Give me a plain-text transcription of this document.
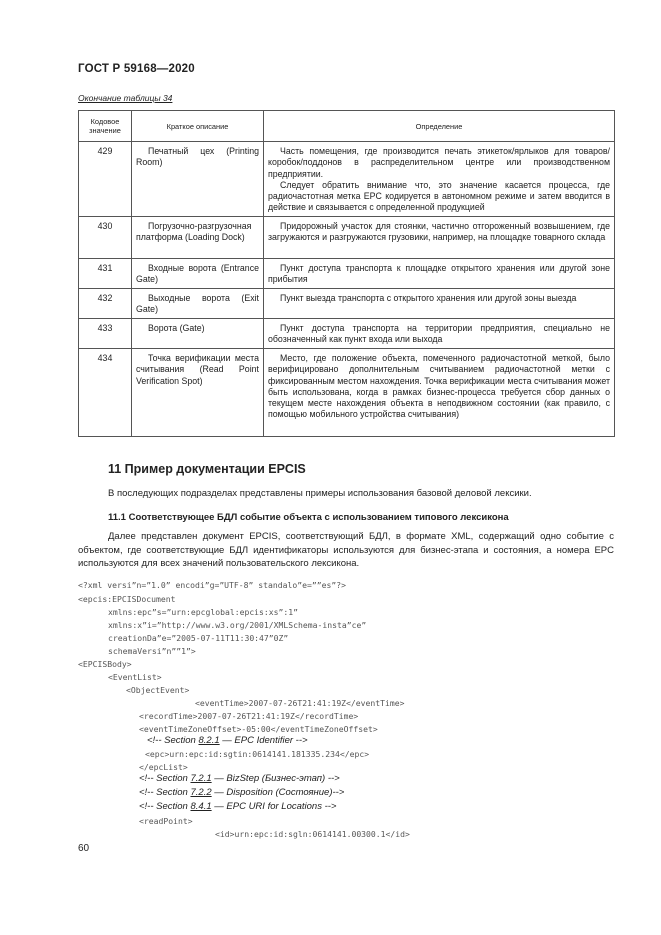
ГОСТ Р 59168—2020
Окончание таблицы 34
Кодовое значение	Краткое описание	Определение
429	Печатный цех (Printing Room)	Часть помещения, где производится печать этикеток/ярлыков для товаров/коробок/поддонов в распределительном центре или производственном предприятии.

Следует обратить внимание что, это значение касается процесса, где радиочастотная метка EPC кодируется в автономном режиме и затем вводится в действие и связывается с определенной продукцией

430	Погрузочно-разгрузочная платформа (Loading Dock)	Придорожный участок для стоянки, частично отгороженный возвышением, где загружаются и разгружаются грузовики, например, на площадке товарного склада

431	Входные ворота (Entrance Gate)	Пункт доступа транспорта к площадке открытого хранения или другой зоне прибытия

432	Выходные ворота (Exit Gate)	Пункт выезда транспорта с открытого хранения или другой зоны выезда

433	Ворота (Gate)	Пункт доступа транспорта на территории предприятия, специально не обозначенный как пункт входа или выхода

434	Точка верификации места считывания (Read Point Verification Spot)	Место, где положение объекта, помеченного радиочастотной меткой, было верифицировано дополнительным считыванием радиочастотной метки с фиксированным местом нахождения. Точка верификации места считывания может быть использована, когда в рамках бизнес-процесса требуется сбор данных о текущем месте нахождения объекта в неподвижном состоянии (как правило, с помощью мобильного устройства считывания)

11 Пример документации EPCIS
В последующих подразделах представлены примеры использования базовой деловой лексики.
11.1 Соответствующее БДЛ событие объекта с использованием типового лексикона
Далее представлен документ EPCIS, соответствующий БДЛ, в формате XML, содержащий одно событие с объектом, где соответствующие БДЛ идентификаторы используются для бизнес-этапа и состояния, а номера EPC используются для всех значений пользовательского лексикона.
<?xml versi”n=”1.0” encodi”g=”UTF-8” standalo”e=””es”?>
<epcis:EPCISDocument
xmlns:epc”s=”urn:epcglobal:epcis:xs”:1”
xmlns:x”i=”http://www.w3.org/2001/XMLSchema-insta”ce”
creationDa”e=”2005-07-11T11:30:47”0Z”
schemaVersi”n””1”>
<EPCISBody>
<EventList>
<ObjectEvent>
<eventTime>2007-07-26T21:41:19Z</eventTime>
<recordTime>2007-07-26T21:41:19Z</recordTime>
<eventTimeZoneOffset>-05:00</eventTimeZoneOffset>
<!-- Section 8.2.1 — EPC Identifier -->
<epc>urn:epc:id:sgtin:0614141.181335.234</epc>
</epcList>
<!-- Section 7.2.1 — BizStep (Бизнес-этап) -->
<!-- Section 7.2.2 — Disposition (Состояние)-->
<!-- Section 8.4.1 — EPC URI for Locations -->
<readPoint>
<id>urn:epc:id:sgln:0614141.00300.1</id>
60
